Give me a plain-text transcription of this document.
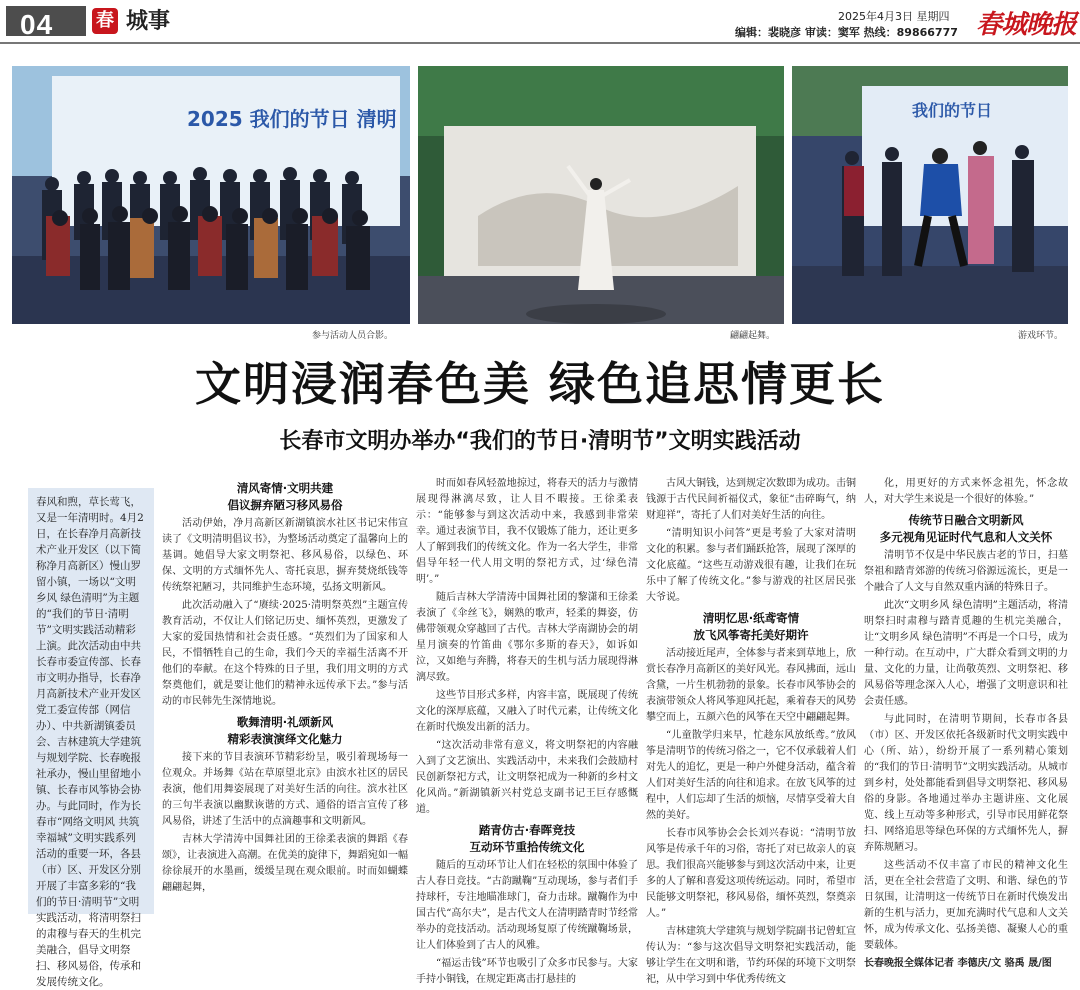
04 春 城事	2025年4月3日 星期四
编辑：裴晓彦 审读：窦军 热线：89866777 春城晚报
2025 我们的节日 清明
参与活动人员合影。	翩翩起舞。
我们的节日
游戏环节。
文明浸润春色美 绿色追思情更长
长春市文明办举办“我们的节日·清明节”文明实践活动
春风和煦，草长莺飞，又是一年清明时。4月2日，在长春净月高新技术产业开发区（以下简称净月高新区）慢山罗留小镇，一场以“文明乡风 绿色清明”为主题的“我们的节日·清明节”文明实践活动精彩上演。此次活动由中共长春市委宣传部、长春市文明办指导，长春净月高新技术产业开发区党工委宣传部（网信办）、中共新湖镇委员会、吉林建筑大学建筑与规划学院、长春晚报社承办，慢山里留地小镇、长春市风筝协会协办。与此同时，作为长春市“网络文明风 共筑幸福城”文明实践系列活动的重要一环，各县（市）区、开发区分别开展了丰富多彩的“我们的节日·清明节”文明实践活动，将清明祭扫的肃穆与春天的生机完美融合，倡导文明祭扫、移风易俗，传承和发展传统文化。
清风寄情·文明共建
倡议摒弃陋习移风易俗

活动伊始，净月高新区新湖镇滨水社区书记宋伟宣读了《文明清明倡议书》，为整场活动奠定了温馨向上的基调。她倡导大家文明祭祀、移风易俗，以绿色、环保、文明的方式缅怀先人、寄托哀思，摒弃焚烧纸钱等传统祭祀陋习，共同维护生态环境，弘扬文明新风。

此次活动融入了“赓续·2025·清明祭英烈”主题宣传教育活动，不仅让人们铭记历史、缅怀英烈，更激发了大家的爱国热情和社会责任感。“英烈们为了国家和人民，不惜牺牲自己的生命，我们今天的幸福生活离不开他们的奉献。在这个特殊的日子里，我们用文明的方式祭奠他们，就是要让他们的精神永远传承下去。”参与活动的市民韩先生深情地说。

歌舞清明·礼颂新风
精彩表演演绎文化魅力

接下来的节目表演环节精彩纷呈，吸引着现场每一位观众。并场舞《站在草原望北京》由滨水社区的居民表演，他们用舞姿展现了对美好生活的向往。滨水社区的三句半表演以幽默诙谐的方式、通俗的语言宣传了移风易俗，讲述了生活中的点滴趣事和文明新风。

吉林大学清涛中国舞社团的王徐柔表演的舞蹈《春颂》，让表演进入高潮。在优美的旋律下，舞蹈宛如一幅徐徐展开的水墨画，缓缓呈现在观众眼前。时而如蝴蝶翩翩起舞，

时而如春风轻盈地掠过，将春天的活力与激情展现得淋漓尽致，让人目不暇接。王徐柔表示：“能够参与到这次活动中来，我感到非常荣幸。通过表演节目，我不仅锻炼了能力，还让更多人了解到我们的传统文化。作为一名大学生，非常倡导年轻一代人用文明的祭祀方式，过‘绿色清明’。”

随后吉林大学清涛中国舞社团的黎潇和王徐柔表演了《伞丝飞》，娴熟的歌声，轻柔的舞姿，仿佛带领观众穿越回了古代。吉林大学南湖协会的胡星月演奏的竹笛曲《鄂尔多斯的春天》，如诉如泣，又如绝与奔腾，将春天的生机与活力展现得淋漓尽致。

这些节目形式多样，内容丰富，既展现了传统文化的深厚底蕴，又融入了时代元素，让传统文化在新时代焕发出新的活力。

“这次活动非常有意义，将文明祭祀的内容融入到了文艺演出、实践活动中，未来我们会鼓励村民创新祭祀方式，让文明祭祀成为一种新的乡村文化风尚。”新湖镇新兴村党总支副书记王巨存感慨道。

踏青仿古·春晖竞技
互动环节重拾传统文化

随后的互动环节让人们在轻松的氛围中体验了古人春日竞技。“古韵蹴鞠”互动现场，参与者们手持球杆，专注地瞄准球门，奋力击球。蹴鞠作为中国古代“高尔夫”，是古代文人在清明踏青时节经常举办的竞技活动。活动现场复原了传统蹴鞠场景，让人们体验到了古人的风雅。

“福运击钱”环节也吸引了众多市民参与。大家手持小铜钱，在规定距离击打悬挂的

古风大铜钱，达到规定次数即为成功。击铜钱源于古代民间祈福仪式，象征“击碎晦气，纳财迎祥”，寄托了人们对美好生活的向往。

“清明知识小问答”更是考验了大家对清明文化的积累。参与者们踊跃抢答，展现了深厚的文化底蕴。“这些互动游戏很有趣，让我们在玩乐中了解了传统文化。”参与游戏的社区居民张大爷说。

清明忆思·纸鸢寄情
放飞风筝寄托美好期许

活动接近尾声，全体参与者来到草地上，欣赏长春净月高新区的美好风光。春风拂面，远山含黛，一片生机勃勃的景象。长春市风筝协会的表演带领众人将风筝迎风托起，乘着春天的风势攀空而上，五颜六色的风筝在天空中翩翩起舞。

“儿童散学归来早，忙趁东风放纸鸢。”放风筝是清明节的传统习俗之一，它不仅承载着人们对先人的追忆，更是一种户外健身活动，蕴含着人们对美好生活的向往和追求。在放飞风筝的过程中，人们忘却了生活的烦恼，尽情享受着大自然的美好。

长春市风筝协会会长刘兴春说：“清明节放风筝是传承千年的习俗，寄托了对已故亲人的哀思。我们很高兴能够参与到这次活动中来，让更多的人了解和喜爱这项传统运动。同时，希望市民能够文明祭祀，移风易俗，缅怀英烈，祭奠亲人。”

吉林建筑大学建筑与规划学院副书记曾虹宣传认为：“参与这次倡导文明祭祀实践活动，能够让学生在文明和谐，节约环保的环境下文明祭祀，从中学习到中华优秀传统文

化，用更好的方式来怀念祖先，怀念故人，对大学生来说是一个很好的体验。”

传统节日融合文明新风
多元视角见证时代气息和人文关怀

清明节不仅是中华民族古老的节日，扫墓祭祖和踏青郊游的传统习俗源远流长，更是一个融合了人文与自然双重内涵的特殊日子。

此次“文明乡风 绿色清明”主题活动，将清明祭扫时肃穆与踏青觅趣的生机完美融合，让“文明乡风 绿色清明”不再是一个口号，成为一种行动。在互动中，广大群众看到文明的力量、文化的力量，让尚敬英烈、文明祭祀、移风易俗等理念深入人心，增强了文明意识和社会责任感。

与此同时，在清明节期间，长春市各县（市）区、开发区依托各级新时代文明实践中心（所、站），纷纷开展了一系列精心策划的“我们的节日·清明节”文明实践活动。从城市到乡村，处处都能看到倡导文明祭祀、移风易俗的身影。各地通过举办主题讲座、文化展览、线上互动等多种形式，引导市民用鲜花祭扫、网络追思等绿色环保的方式缅怀先人，摒弃陈规陋习。

这些活动不仅丰富了市民的精神文化生活，更在全社会营造了文明、和谐、绿色的节日氛围，让清明这一传统节日在新时代焕发出新的生机与活力，更加充满时代气息和人文关怀，成为传承文化、弘扬美德、凝聚人心的重要载体。

长春晚报全媒体记者 李德庆/文 骆禹 晟/图
